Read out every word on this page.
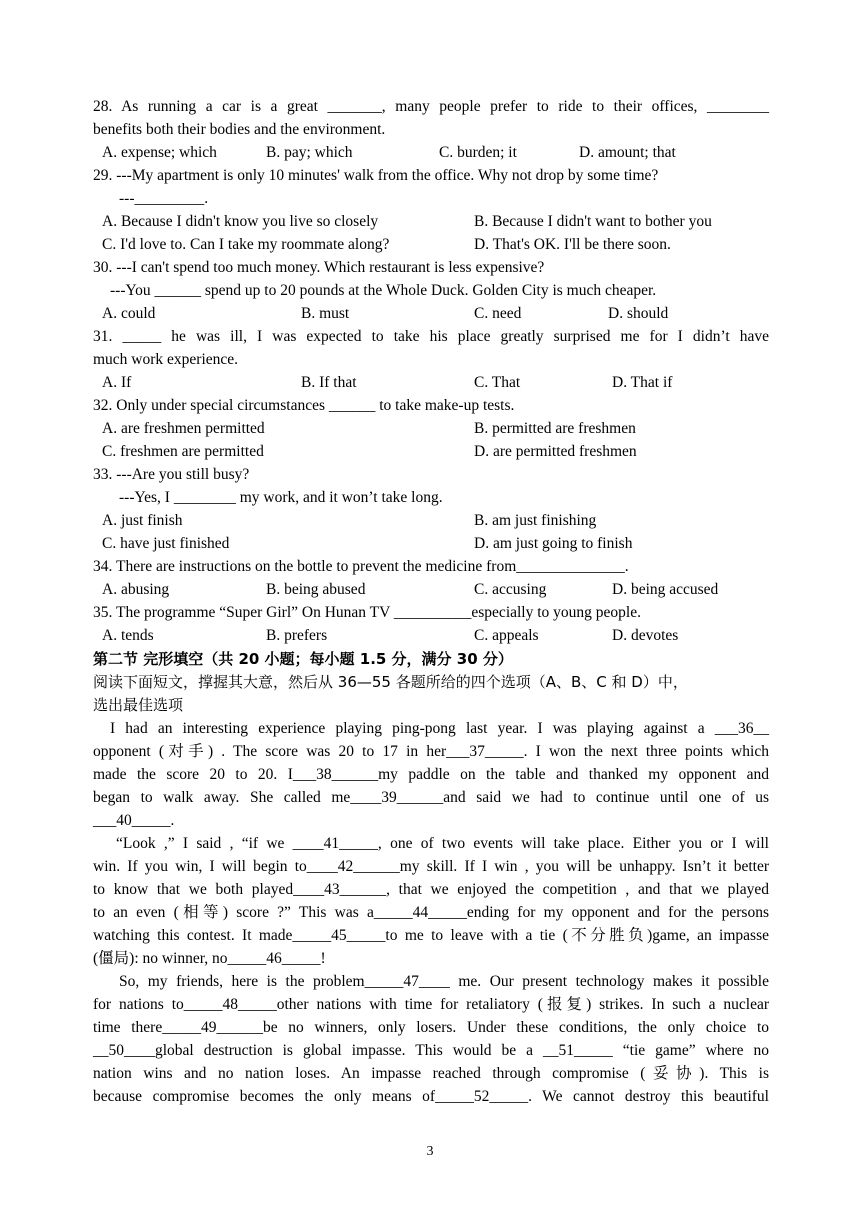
28. As running a car is a great _______, many people prefer to ride to their offices, ________
benefits both their bodies and the environment.
A. expense; which	B. pay; which	C. burden; it	D. amount; that
29. ---My apartment is only 10 minutes' walk from the office. Why not drop by some time?
---_________.
A. Because I didn't know you live so closely	B. Because I didn't want to bother you
C. I'd love to. Can I take my roommate along?	D. That's OK. I'll be there soon.
30. ---I can't spend too much money. Which restaurant is less expensive?
---You ______ spend up to 20 pounds at the Whole Duck. Golden City is much cheaper.
A. could	B. must	C. need	D. should
31. _____ he was ill, I was expected to take his place greatly surprised me for I didn’t have
much work experience.
A. If	B. If that	C. That	D. That if
32. Only under special circumstances ______ to take make-up tests.
A. are freshmen permitted	B. permitted are freshmen
C. freshmen are permitted	D. are permitted freshmen
33. ---Are you still busy?
---Yes, I ________ my work, and it won’t take long.
A. just finish	B. am just finishing
C. have just finished	D. am just going to finish
34. There are instructions on the bottle to prevent the medicine from______________.
A. abusing	B. being abused	C. accusing	D. being accused
35. The programme “Super Girl” On Hunan TV __________especially to young people.
A. tends	B. prefers	C. appeals	D. devotes
第二节 完形填空（共 20 小题；每小题 1.5 分，满分 30 分）
阅读下面短文，撑握其大意，然后从 36—55 各题所给的四个选项（A、B、C 和 D）中，
选出最佳选项
I had an interesting experience playing ping-pong last year. I was playing against a ___36__
opponent (对手) . The score was 20 to 17 in her___37_____. I won the next three points which
made the score 20 to 20. I___38______my paddle on the table and thanked my opponent and
began to walk away. She called me____39______and said we had to continue until one of us
___40_____.
“Look ,” I said , “if we ____41_____, one of two events will take place. Either you or I will
win. If you win, I will begin to____42______my skill. If I win , you will be unhappy. Isn’t it better
to know that we both played____43______, that we enjoyed the competition , and that we played
to an even (相等) score ?” This was a_____44_____ending for my opponent and for the persons
watching this contest. It made_____45_____to me to leave with a tie (不分胜负)game, an impasse
(僵局): no winner, no_____46_____!
So, my friends, here is the problem_____47____ me. Our present technology makes it possible
for nations to_____48_____other nations with time for retaliatory (报复) strikes. In such a nuclear
time there_____49______be no winners, only losers. Under these conditions, the only choice to
__50____global destruction is global impasse. This would be a __51_____ “tie game” where no
nation wins and no nation loses. An impasse reached through compromise (妥协). This is
because compromise becomes the only means of_____52_____. We cannot destroy this beautiful
3
